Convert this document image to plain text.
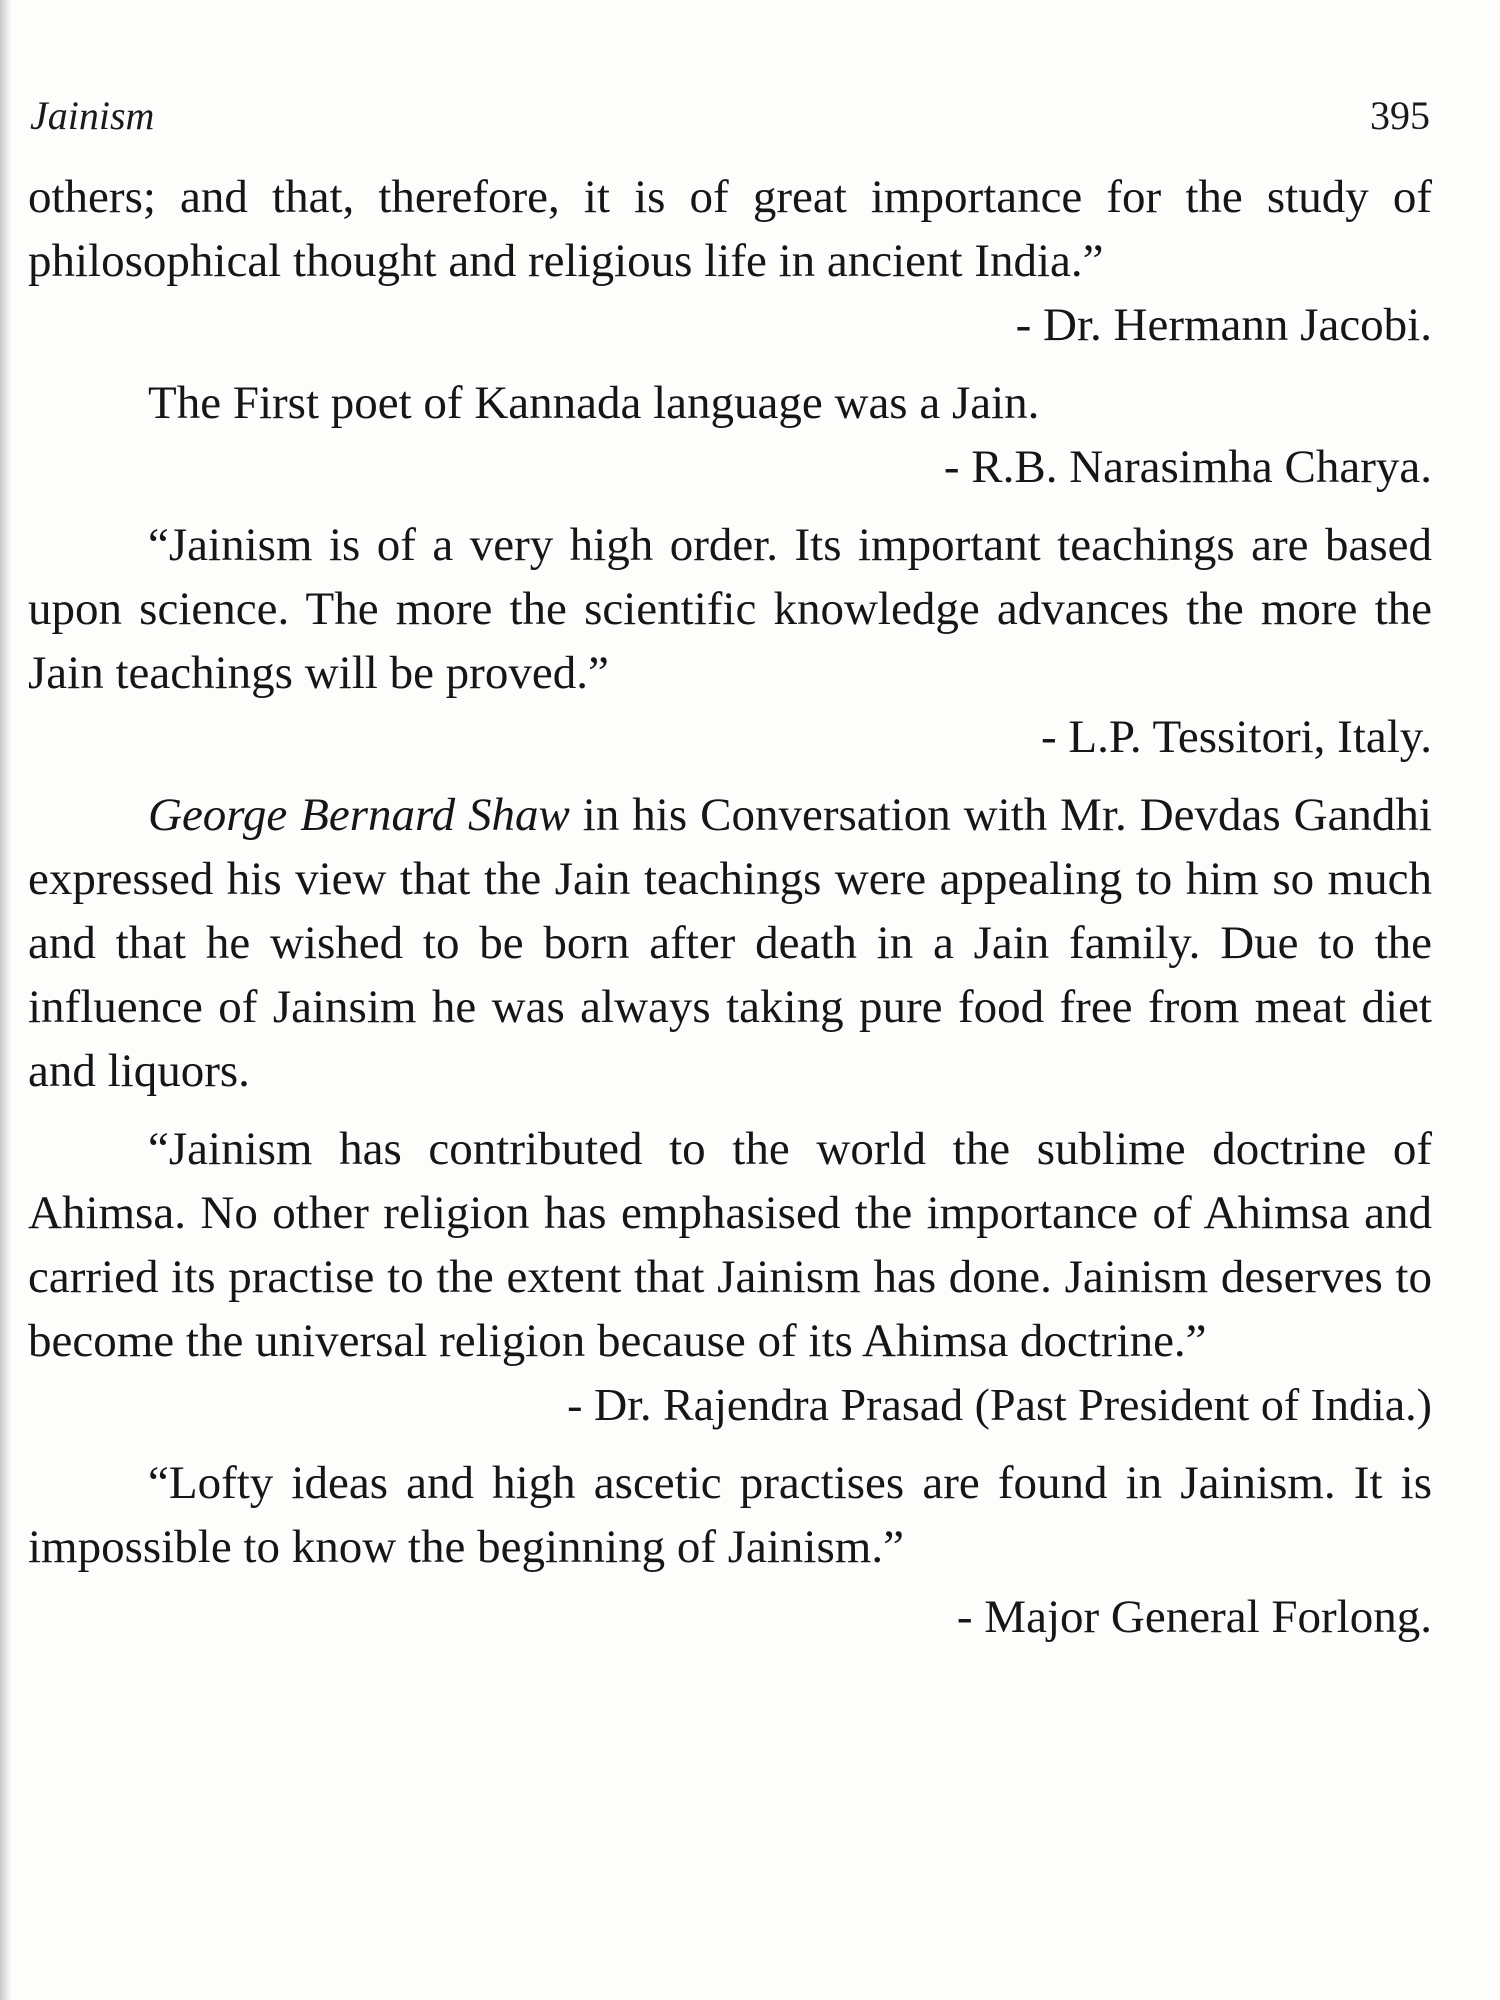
Jainism	395

others; and that, therefore, it is of great importance for the study of philosophical thought and religious life in ancient India.”

- Dr. Hermann Jacobi.

The First poet of Kannada language was a Jain.

- R.B. Narasimha Charya.

“Jainism is of a very high order. Its important teachings are based upon science. The more the scientific knowledge advances the more the Jain teachings will be proved.”

- L.P. Tessitori, Italy.

George Bernard Shaw in his Conversation with Mr. Devdas Gandhi expressed his view that the Jain teachings were appealing to him so much and that he wished to be born after death in a Jain family. Due to the influence of Jainsim he was always taking pure food free from meat diet and liquors.

“Jainism has contributed to the world the sublime doctrine of Ahimsa. No other religion has emphasised the importance of Ahimsa and carried its practise to the extent that Jainism has done. Jainism deserves to become the universal religion because of its Ahimsa doctrine.”

- Dr. Rajendra Prasad (Past President of India.)

“Lofty ideas and high ascetic practises are found in Jainism. It is impossible to know the beginning of Jainism.”

- Major General Forlong.
